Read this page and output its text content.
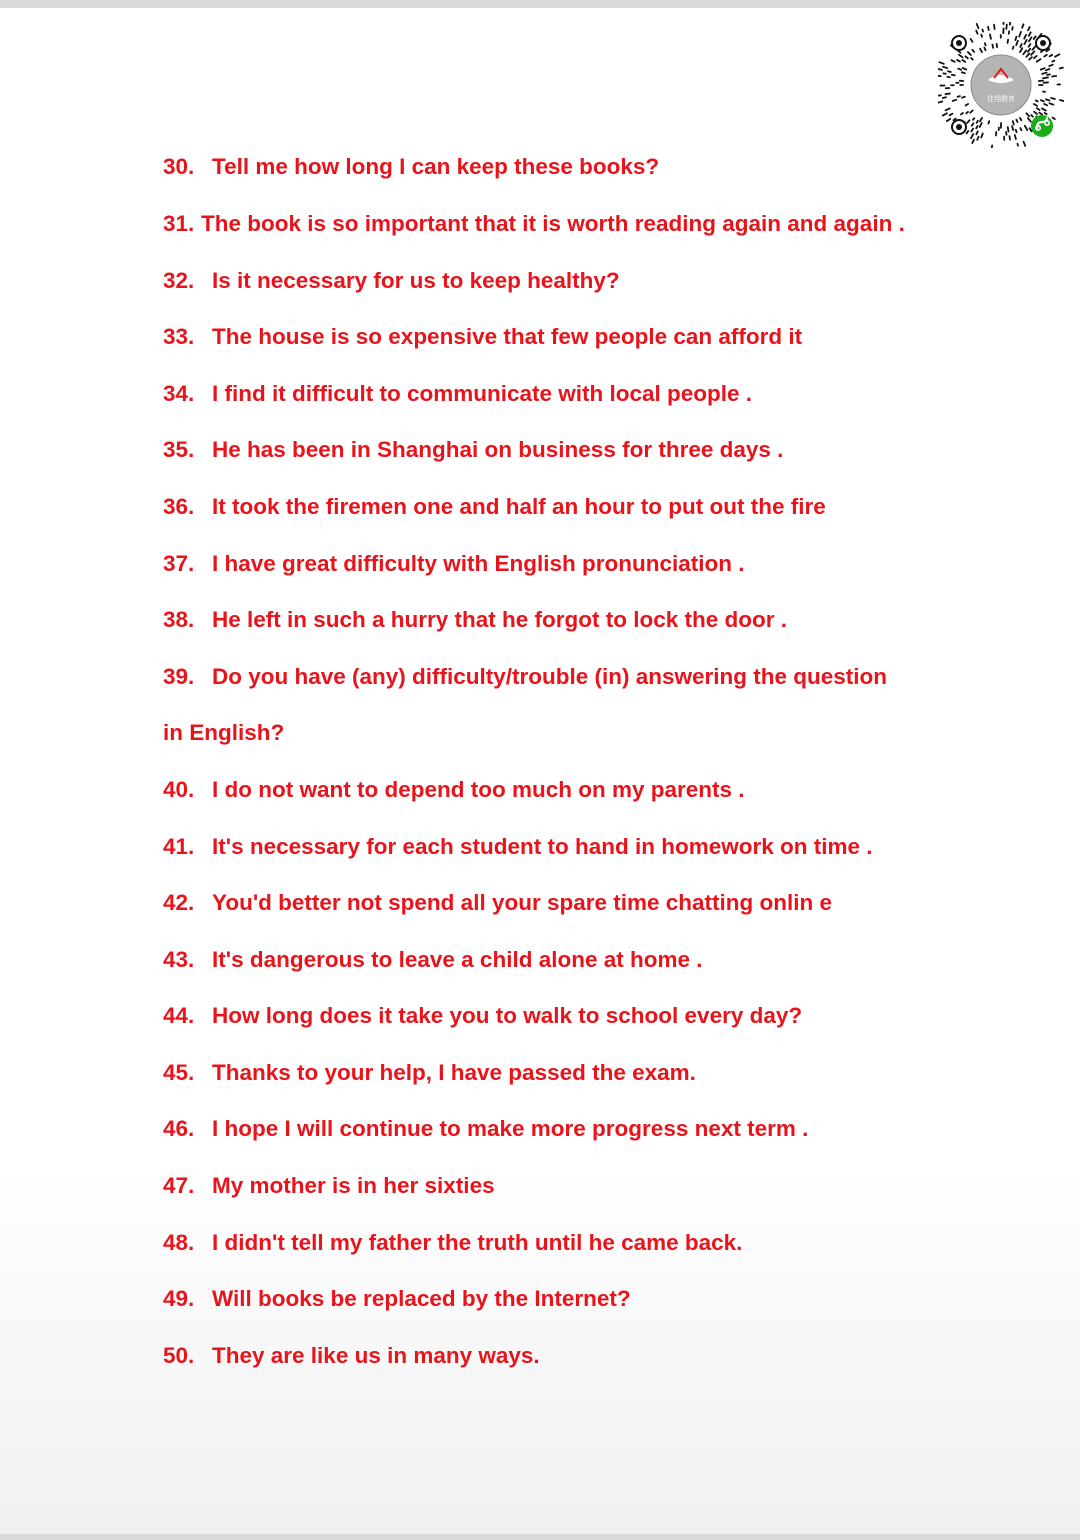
佳翔教育
30. Tell me how long I can keep these books?
31. The book is so important that it is worth reading again and again .
32. Is it necessary for us to keep healthy?
33. The house is so expensive that few people can afford it
34. I find it difficult to communicate with local people .
35. He has been in Shanghai on business for three days .
36. It took the firemen one and half an hour to put out the fire
37. I have great difficulty with English pronunciation .
38. He left in such a hurry that he forgot to lock the door .
39. Do you have (any) difficulty/trouble (in) answering the question
in English?
40. I do not want to depend too much on my parents .
41. It's necessary for each student to hand in homework on time .
42. You'd better not spend all your spare time chatting onlin e
43. It's dangerous to leave a child alone at home .
44. How long does it take you to walk to school every day?
45. Thanks to your help, I have passed the exam.
46. I hope I will continue to make more progress next term .
47. My mother is in her sixties
48. I didn't tell my father the truth until he came back.
49. Will books be replaced by the Internet?
50. They are like us in many ways.
